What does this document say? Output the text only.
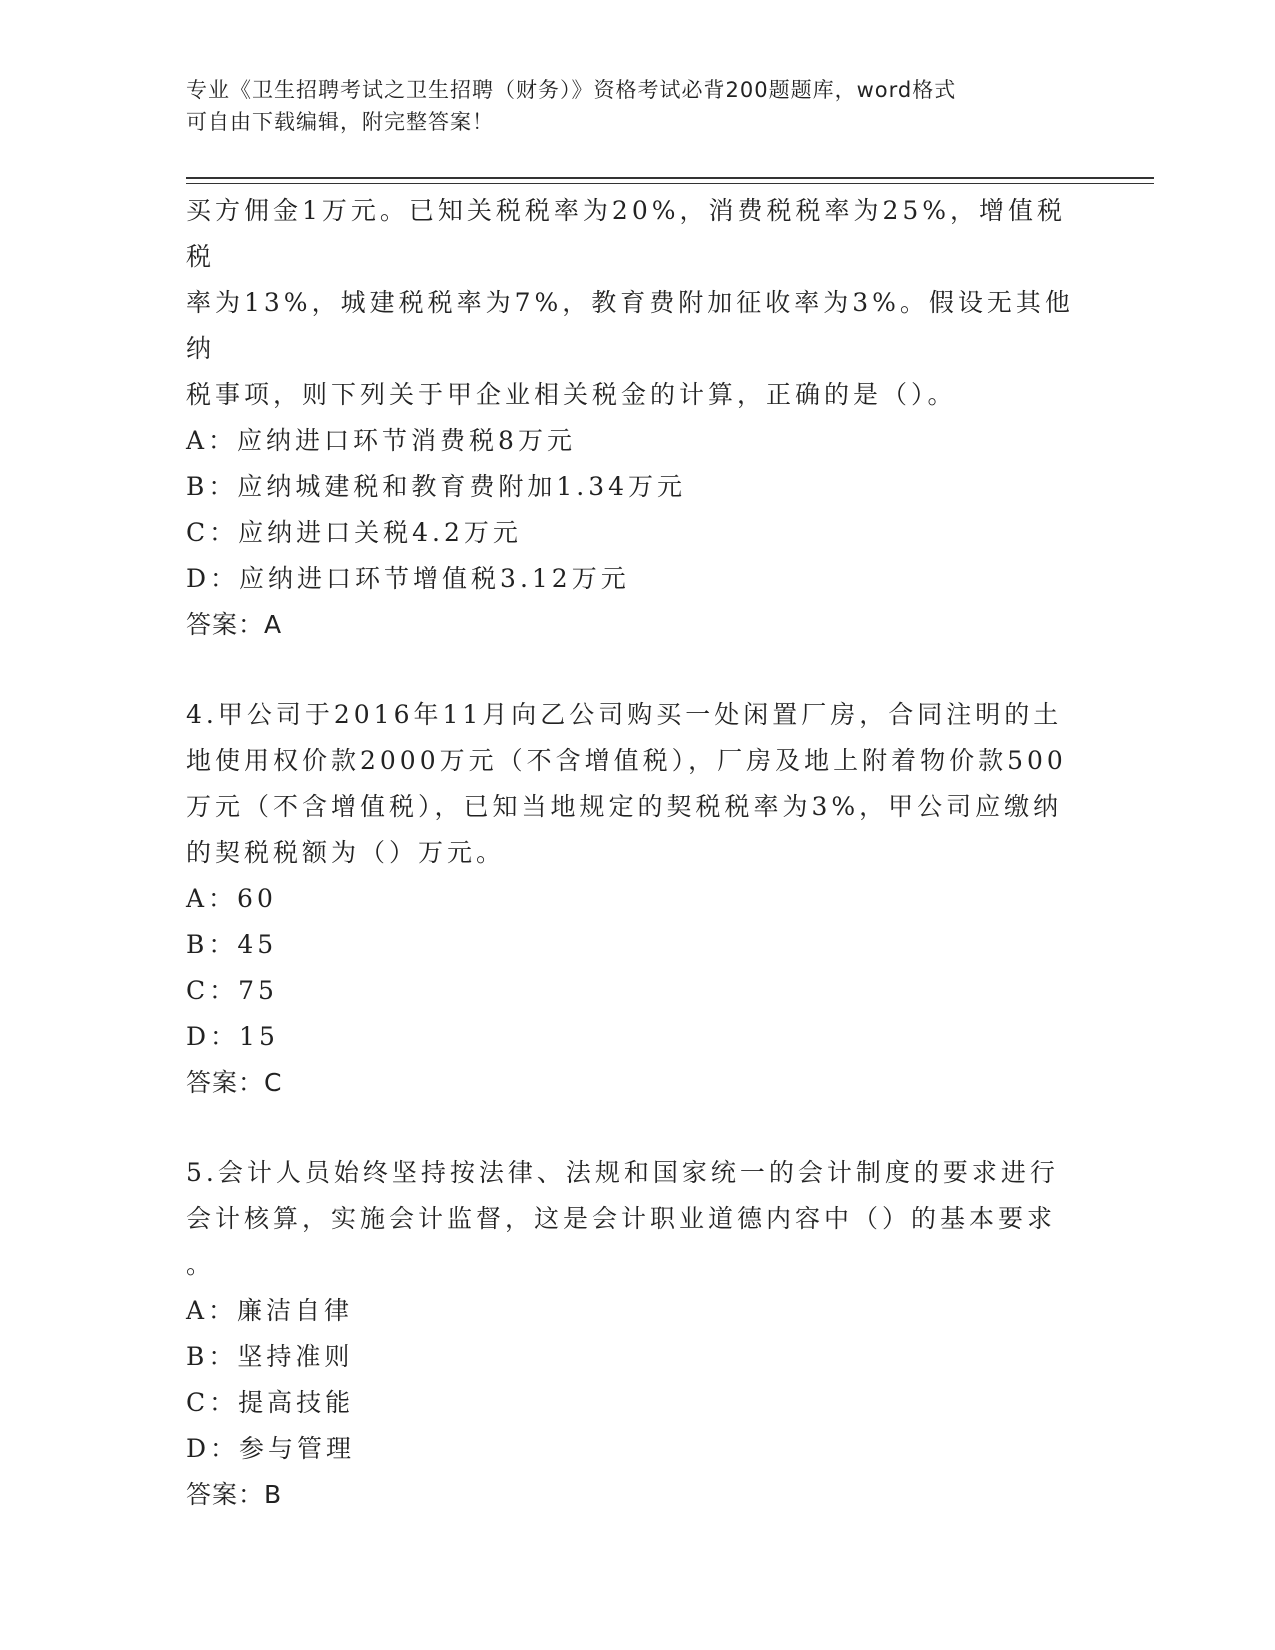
专业《卫生招聘考试之卫生招聘（财务）》资格考试必背200题题库，word格式
可自由下载编辑，附完整答案！

买方佣金1万元。已知关税税率为20%，消费税税率为25%，增值税税

率为13%，城建税税率为7%，教育费附加征收率为3%。假设无其他纳

税事项，则下列关于甲企业相关税金的计算，正确的是（）。

A：应纳进口环节消费税8万元

B：应纳城建税和教育费附加1.34万元

C：应纳进口关税4.2万元

D：应纳进口环节增值税3.12万元

答案：A

4.甲公司于2016年11月向乙公司购买一处闲置厂房，合同注明的土

地使用权价款2000万元（不含增值税），厂房及地上附着物价款500

万元（不含增值税），已知当地规定的契税税率为3%，甲公司应缴纳

的契税税额为（）万元。

A：60

B：45

C：75

D：15

答案：C

5.会计人员始终坚持按法律、法规和国家统一的会计制度的要求进行

会计核算，实施会计监督，这是会计职业道德内容中（）的基本要求

。

A：廉洁自律

B：坚持准则

C：提高技能

D：参与管理

答案：B
